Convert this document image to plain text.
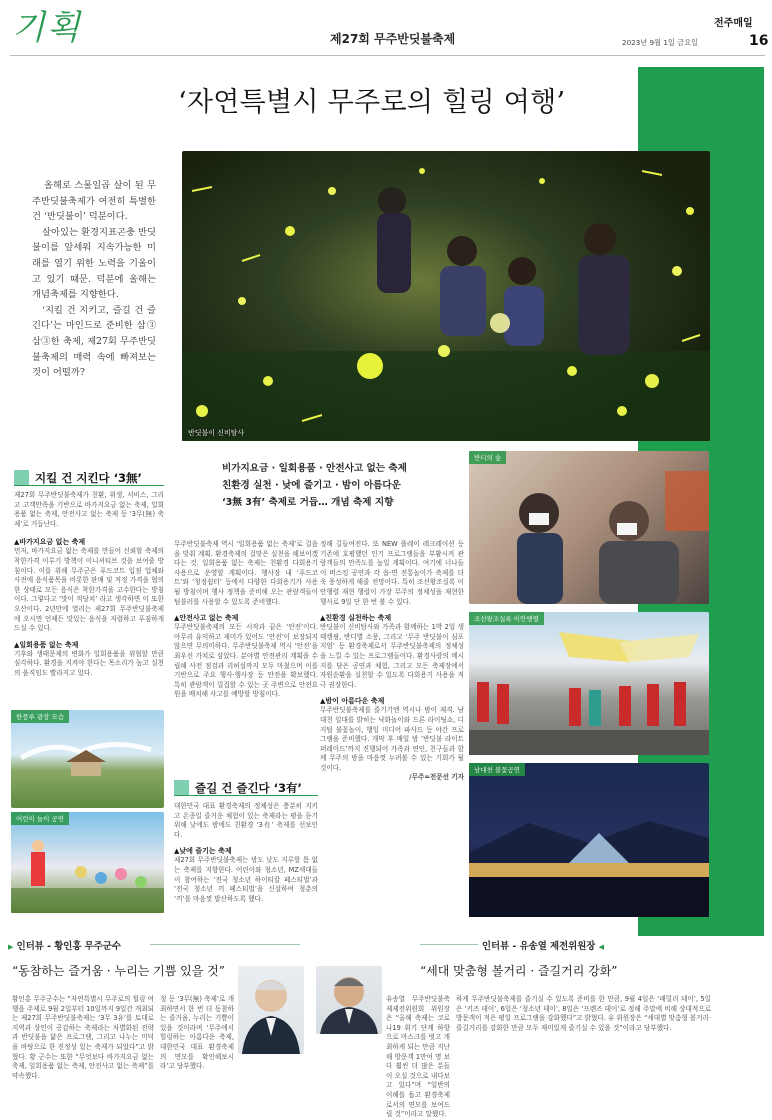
기획	제27회 무주반딧불축제
전주매일
2023년 9월 1일 금요일	16
‘자연특별시 무주로의 힐링 여행’
반딧불이 신비탐사

올해로 스물일곱 살이 된 무주반딧불축제가 여전히 특별한 건 ‘반딧불이’ 덕분이다.

살아있는 환경지표곤충 반딧불이를 앞세워 지속가능한 미래를 열기 위한 노력을 기울이고 있기 때문. 덕분에 올해는 개념축제를 지향한다.

‘지킬 건 지키고, 즐길 건 즐긴다’는 마인드로 준비한 삼③삼③한 축제, 제27회 무주반딧불축제의 매력 속에 빠져보는 것이 어떨까?

비가지요금 · 일회용품 · 안전사고 없는 축제
친환경 실천 · 낮에 즐기고 · 밤이 아름다운
‘3無 3有’ 축제로 거듭… 개념 축제 지향
지킬 건 지킨다 ‘3無’

제27회 무주반딧불축제가 친환, 위생, 서비스, 그리고 고객만족을 기반으로 바가지요금 없는 축제, 일회용품 없는 축제, 안전사고 없는 축제 등 ‘3무(無) 축제’로 거듭난다.

▲바가지요금 없는 축제

먼저, 바가지요금 없는 축제를 만들어 신뢰할 축제의 착한가격 이루기 방책이 이니셔티브 것을 보여줄 방침이다. 이를 위해 무주군은 푸드코트 입점 업체와 사전에 음식품목을 비롯한 판매 및 적정 가격을 협의한 상태로 모든 음식은 착한가격을 고수한다는 방침이다. 그렇다고 ‘맛이 적당치’ 라고 생각하면 이 또한 오산이다. 2년만에 열리는 제27회 무주반딧불축제에 오시면 언제든 맛있는 음식을 저렴하고 푸짐하게 드실 수 있다.

▲일회용품 없는 축제

기후와 생태문제의 변화가 일회용품을 위협할 만큼 심각하다. 환경을 지켜야 한다는 목소리가 높고 실천의 움직임도 빨라지고 있다.

한풍루 광장 모습
어린이 놀이 공연

무주반딧불축제 역시 ‘일회용품 없는 축제’로 걸음을 맞춰 계획. 환경축제의 걸맞은 실천을 해보이겠다는 것. 일회용품 없는 축제는 친환경 다회용기 사용으로 운영할 계획이다. 행사장 내 ‘푸드코트’와 ‘청정쉼터’ 등에서 다양한 다회용기가 사용될 방침이며 행사 정책을 준비해 오는 관람객들이 텀블러를 사용할 수 있도록 준비했다.

▲안전사고 없는 축제

무주반딧불축제의 모든 시작과 끝은 ‘안전’이다. 아무리 유익하고 재미가 있어도 ‘안전’이 보장되지 않으면 무의미하다. 무주반딧불축제 역시 ‘안전’을 최우선 가치로 삼았다. 분야별 안전관리 계획을 수립해 사전 점검과 리허설까지 모두 마쳤으며 이를 기반으로 주요 행사·행사장 등 안전을 확보했다. 특히 관람객이 밀집할 수 있는 곳 주변으로 안전요원을 배치해 사고를 예방할 방침이다.

즐길 건 즐긴다 ‘3有’

대한민국 대표 환경축제의 정체성은 충분히 지키고 온종일 즐거운 체험이 있는 축제라는 평을 듣기 위해 낮에도 밤에도 친환경 ‘3有’ 축제를 선보인다.

▲낮에 즐기는 축제

제27회 무주반딧불축제는 밤도 낮도 지루할 틈 없는 축제를 지향한다. 어린이와 청소년, MZ세대들이 참여하는 ‘전국 청소년 하이티칼 페스티벌’과 ‘전국 청소년 끼 페스티벌’을 신설하여 청춘의 ‘끼’를 마음껏 발산하도록 했다.

정해 길들여진다. 또 NEW 플레이 레크레이션 등 기존에 호평했던 인기 프로그램들을 부활시켜 관람객들의 만족도를 높일 계획이다. 여기에 너나들이 버스킹 공연과 각 읍·면 전통놀이가 축제를 더욱 풍성하게 해줄 전망이다. 특히 조선왕조실록 이안행렬 재현 행렬이 가장 무주의 정체성을 재현한 행사로 9일 단 한 번 볼 수 있다.

▲친환경 실천하는 축제

반딧불이 신비탐사와 가족과 함께하는 1박 2일 생태캠핑, 반디별 소풍, 그리고 ‘무주 반딧불이 심포지엄’ 등 환경축제로서 무주반딧불축제의 정체성을 느낄 수 있는 프로그램들이다. 환경사랑의 메시지를 담은 공연과 체험, 그리고 모든 축제장에서 자원순환을 실천할 수 있도록 다회용기 사용을 적극 권장한다.

▲밤이 아름다운 축제

무주반딧불축제를 즐기기엔 역시나 밤이 제격. 남대천 일대를 밝히는 낙화놀이와 드론 라이팅쇼, 디지털 불꽃놀이, 행잉 미디어 파사드 등 야간 프로그램을 준비했다. 개막 후 매일 밤 ‘반딧불 라이트 퍼레이드’까지 진행되어 가족과 연인, 친구들과 함께 무주의 밤을 마음껏 누려볼 수 있는 기회가 될 것이다.

/무주=전문선 기자

반디의 숲
조선왕조실록 이안행렬
남대천 불꽃공연
▶ 인터뷰 - 황인홍 무주군수	인터뷰 - 유송열 제전위원장 ◀
“동참하는 즐거움 · 누리는 기쁨 있을 것”

황인홍 무주군수는 “자연특별시 무주로의 힐링 여행을 주제로 9월 2일부터 10일까지 9일간 개최되는 제27회 무주반딧불축제는 ‘3무 3유’를 토대로 지역과 상인이 공감하는 축제라는 차별화된 전략과 반딧불을 닮은 프로그램, 그리고 나누는 미덕을 바탕으로 한 진정성 있는 축제가 되었다”고 밝혔다. 황 군수는 또한 “무엇보다 바가지요금 없는 축제, 일회용품 없는 축제, 안전사고 없는 축제”를 약속했다.

청 등 ‘3무(無) 축제’로 개최하면서 한 번 더 동참하는 즐거움, 누리는 기쁨이 있을 것이라며 ‘무주에서 힐링하는 아름다운 축제, 대한민국 대표 환경축제의 면모를 확인해보시라’고 당부했다.

“세대 맞춤형 볼거리 · 즐길거리 강화”

유송열 무주반딧불축제제전위원회 위원장은 “올해 축제는 코로나19 위기 단계 하향으로 마스크를 벗고 개최하게 되는 만큼 지난해 방문객 1만여 명 보다 훨씬 더 많은 분들이 오실 것으로 내다보고 있다”며 “일반의 이해를 돕고 환경축제로서의 면모를 보여드릴 것”이라고 말했다.

하게 무주반딧불축제를 즐기실 수 있도록 준비를 한 만큼, 9월 4일은 ‘패밀리 데이’, 5일은 ‘키즈 데이’, 6일은 ‘청소년 데이’, 8일은 ‘프렌즈 데이’로 정해 주말에 비해 상대적으로 방문객이 적은 평일 프로그램을 강화했다”고 밝혔다. 유 위원장은 “세대별 맞춤형 볼거리·즐길거리를 강화한 만큼 모두 재미있게 즐기실 수 있을 것”이라고 당부했다.
